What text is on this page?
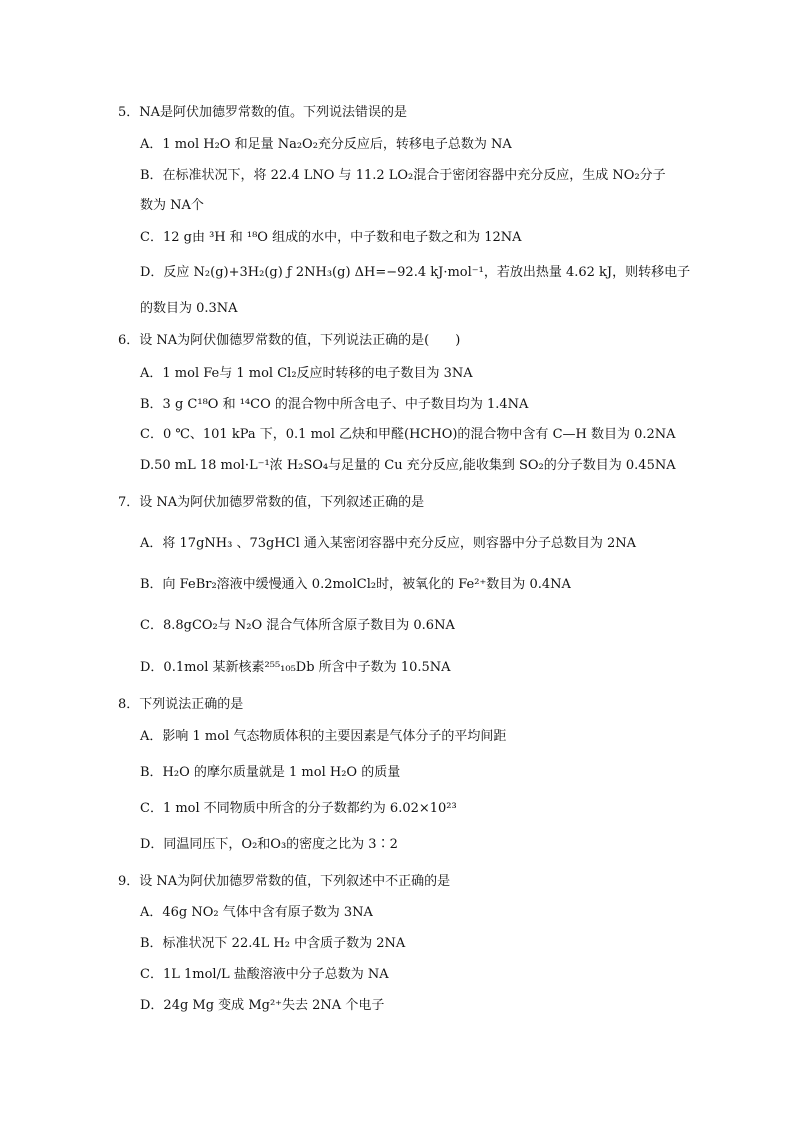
5．NA是阿伏加德罗常数的值。下列说法错误的是
A．1 mol H₂O 和足量 Na₂O₂充分反应后，转移电子总数为 NA
B．在标准状况下，将 22.4 LNO 与 11.2 LO₂混合于密闭容器中充分反应，生成 NO₂分子
数为 NA个
C．12 g由 ³H 和 ¹⁸O 组成的水中，中子数和电子数之和为 12NA
D．反应 N₂(g)+3H₂(g) ƒ 2NH₃(g) ΔH=−92.4 kJ·mol⁻¹，若放出热量 4.62 kJ，则转移电子
的数目为 0.3NA
6．设 NA为阿伏伽德罗常数的值，下列说法正确的是(　　)
A．1 mol Fe与 1 mol Cl₂反应时转移的电子数目为 3NA
B．3 g C¹⁸O 和 ¹⁴CO 的混合物中所含电子、中子数目均为 1.4NA
C．0 ℃、101 kPa 下，0.1 mol 乙炔和甲醛(HCHO)的混合物中含有 C—H 数目为 0.2NA
D.50 mL 18 mol·L⁻¹浓 H₂SO₄与足量的 Cu 充分反应,能收集到 SO₂的分子数目为 0.45NA
7．设 NA为阿伏加德罗常数的值，下列叙述正确的是
A．将 17gNH₃ 、73gHCl 通入某密闭容器中充分反应，则容器中分子总数目为 2NA
B．向 FeBr₂溶液中缓慢通入 0.2molCl₂时，被氧化的 Fe²⁺数目为 0.4NA
C．8.8gCO₂与 N₂O 混合气体所含原子数目为 0.6NA
D．0.1mol 某新核素²⁵⁵₁₀₅Db 所含中子数为 10.5NA
8．下列说法正确的是
A．影响 1 mol 气态物质体积的主要因素是气体分子的平均间距
B．H₂O 的摩尔质量就是 1 mol H₂O 的质量
C．1 mol 不同物质中所含的分子数都约为 6.02×10²³
D．同温同压下，O₂和O₃的密度之比为 3∶2
9．设 NA为阿伏加德罗常数的值，下列叙述中不正确的是
A．46g NO₂ 气体中含有原子数为 3NA
B．标准状况下 22.4L H₂ 中含质子数为 2NA
C．1L 1mol/L 盐酸溶液中分子总数为 NA
D．24g Mg 变成 Mg²⁺失去 2NA 个电子
